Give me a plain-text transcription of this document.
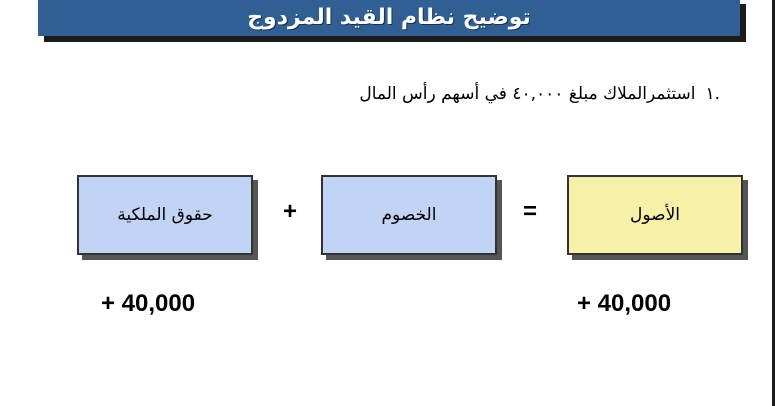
توضيح نظام القيد المزدوج
.١
استثمرالملاك مبلغ ٤٠,٠٠٠ في أسهم رأس المال
حقوق الملكية	+	الخصوم	=	الأصول
+ 40,000	+ 40,000
